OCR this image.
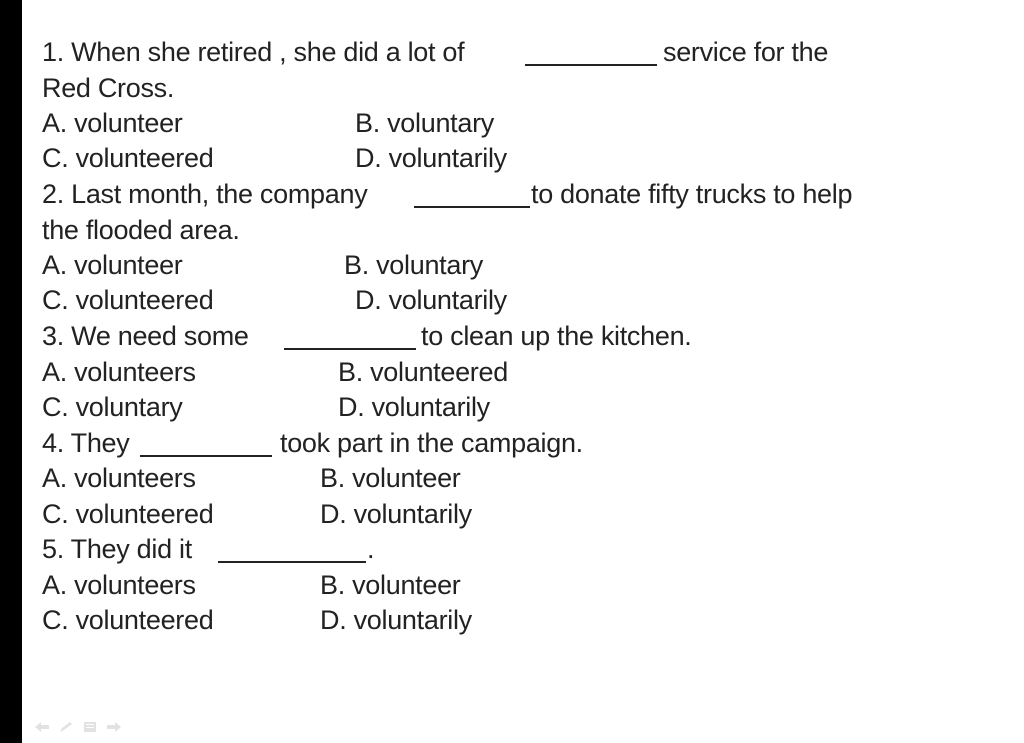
1. When she retired , she did a lot of	service for the
Red Cross.
A. volunteer	B. voluntary
C. volunteered	D. voluntarily
2. Last month, the company	to donate fifty trucks to help
the flooded area.
A. volunteer	B. voluntary
C. volunteered	D. voluntarily
3. We need some	to clean up the kitchen.
A. volunteers	B. volunteered
C. voluntary	D. voluntarily
4. They	took part in the campaign.
A. volunteers	B. volunteer
C. volunteered	D. voluntarily
5. They did it	.
A. volunteers	B. volunteer
C. volunteered	D. voluntarily
